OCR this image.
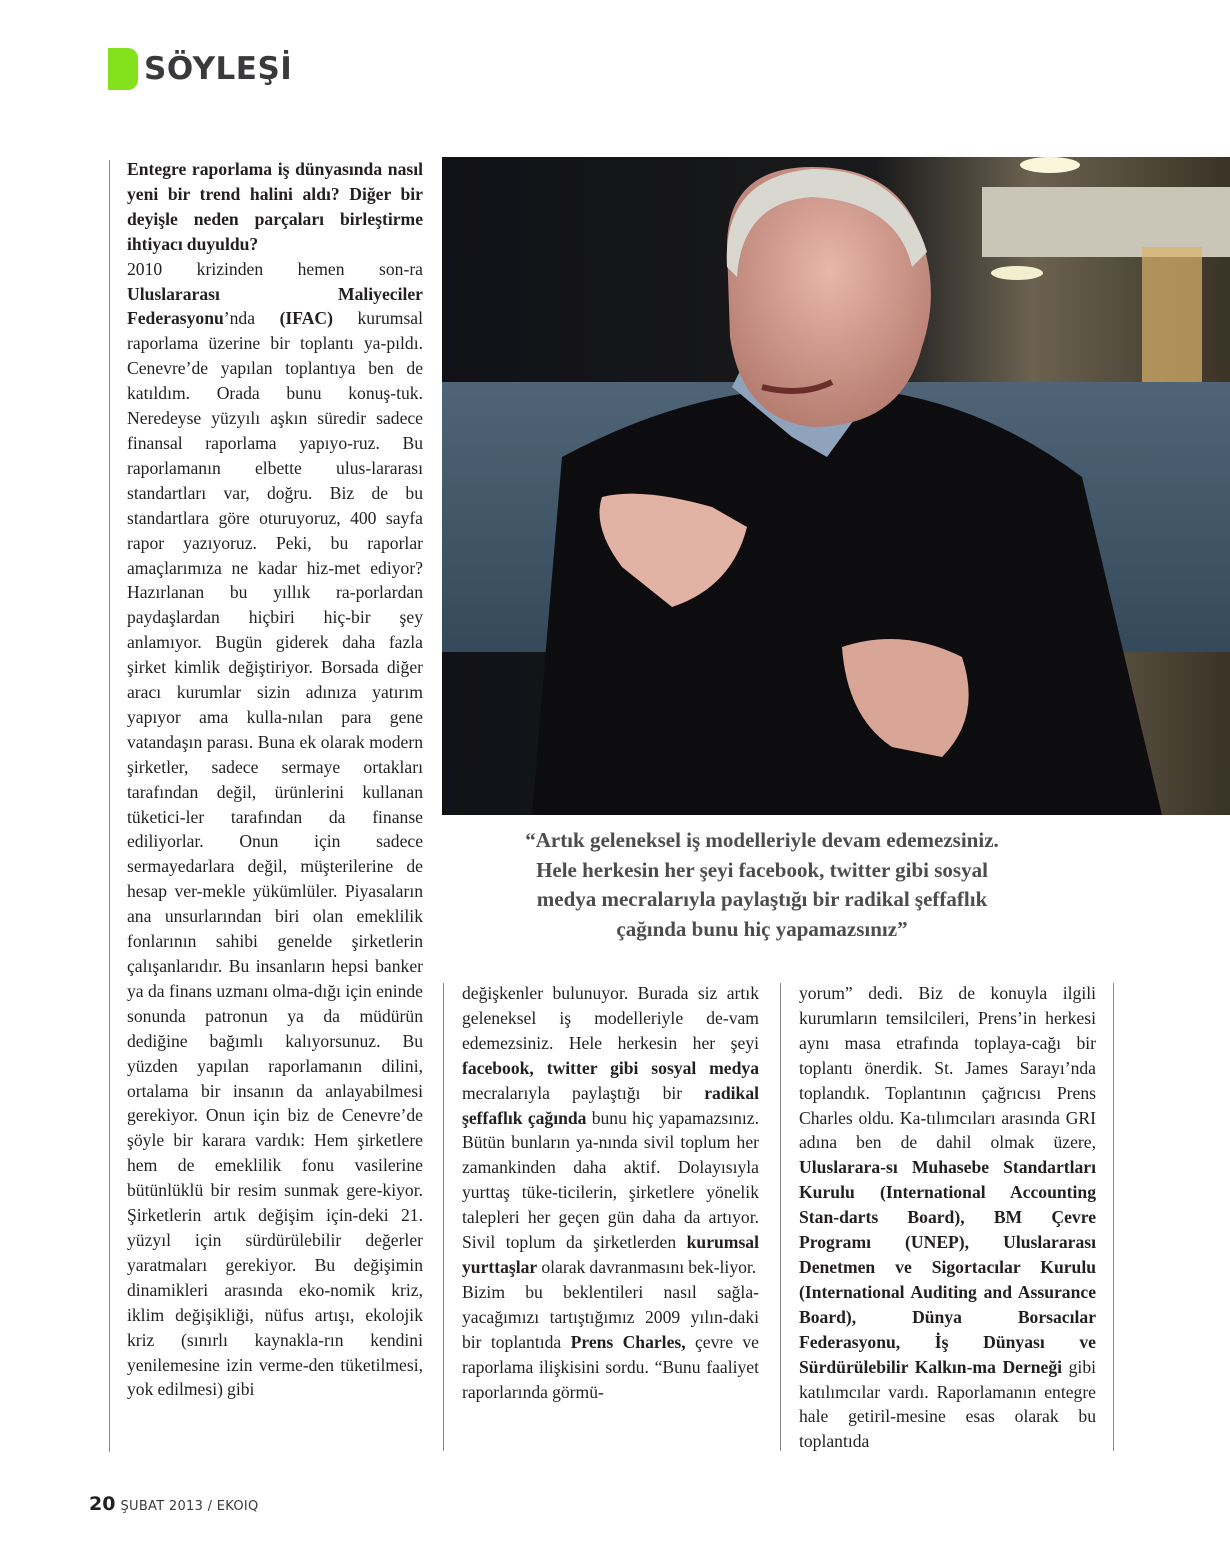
SÖYLEŞİ

Entegre raporlama iş dünyasında nasıl yeni bir trend halini aldı? Diğer bir deyişle neden parçaları birleştirme ihtiyacı duyuldu?

2010 krizinden hemen son-ra Uluslararası Maliyeciler Federasyonu’nda (IFAC) kurumsal raporlama üzerine bir toplantı ya-pıldı. Cenevre’de yapılan toplantıya ben de katıldım. Orada bunu konuş-tuk. Neredeyse yüzyılı aşkın süredir sadece finansal raporlama yapıyo-ruz. Bu raporlamanın elbette ulus-lararası standartları var, doğru. Biz de bu standartlara göre oturuyoruz, 400 sayfa rapor yazıyoruz. Peki, bu raporlar amaçlarımıza ne kadar hiz-met ediyor? Hazırlanan bu yıllık ra-porlardan paydaşlardan hiçbiri hiç-bir şey anlamıyor. Bugün giderek daha fazla şirket kimlik değiştiriyor. Borsada diğer aracı kurumlar sizin adınıza yatırım yapıyor ama kulla-nılan para gene vatandaşın parası. Buna ek olarak modern şirketler, sadece sermaye ortakları tarafından değil, ürünlerini kullanan tüketici-ler tarafından da finanse ediliyorlar. Onun için sadece sermayedarlara değil, müşterilerine de hesap ver-mekle yükümlüler. Piyasaların ana unsurlarından biri olan emeklilik fonlarının sahibi genelde şirketlerin çalışanlarıdır. Bu insanların hepsi banker ya da finans uzmanı olma-dığı için eninde sonunda patronun ya da müdürün dediğine bağımlı kalıyorsunuz. Bu yüzden yapılan raporlamanın dilini, ortalama bir insanın da anlayabilmesi gerekiyor. Onun için biz de Cenevre’de şöyle bir karara vardık: Hem şirketlere hem de emeklilik fonu vasilerine bütünlüklü bir resim sunmak gere-kiyor. Şirketlerin artık değişim için-deki 21. yüzyıl için sürdürülebilir değerler yaratmaları gerekiyor. Bu değişimin dinamikleri arasında eko-nomik kriz, iklim değişikliği, nüfus artışı, ekolojik kriz (sınırlı kaynakla-rın kendini yenilemesine izin verme-den tüketilmesi, yok edilmesi) gibi

“Artık geleneksel iş modelleriyle devam edemezsiniz.
Hele herkesin her şeyi facebook, twitter gibi sosyal
medya mecralarıyla paylaştığı bir radikal şeffaflık
çağında bunu hiç yapamazsınız”

değişkenler bulunuyor. Burada siz artık geleneksel iş modelleriyle de-vam edemezsiniz. Hele herkesin her şeyi facebook, twitter gibi sosyal medya mecralarıyla paylaştığı bir radikal şeffaflık çağında bunu hiç yapamazsınız. Bütün bunların ya-nında sivil toplum her zamankinden daha aktif. Dolayısıyla yurttaş tüke-ticilerin, şirketlere yönelik talepleri her geçen gün daha da artıyor. Sivil toplum da şirketlerden kurumsal yurttaşlar olarak davranmasını bek-liyor.

Bizim bu beklentileri nasıl sağla-yacağımızı tartıştığımız 2009 yılın-daki bir toplantıda Prens Charles, çevre ve raporlama ilişkisini sordu. “Bunu faaliyet raporlarında görmü-

yorum” dedi. Biz de konuyla ilgili kurumların temsilcileri, Prens’in herkesi aynı masa etrafında toplaya-cağı bir toplantı önerdik. St. James Sarayı’nda toplandık. Toplantının çağrıcısı Prens Charles oldu. Ka-tılımcıları arasında GRI adına ben de dahil olmak üzere, Uluslarara-sı Muhasebe Standartları Kurulu (International Accounting Stan-darts Board), BM Çevre Programı (UNEP), Uluslararası Denetmen ve Sigortacılar Kurulu (International Auditing and Assurance Board), Dünya Borsacılar Federasyonu, İş Dünyası ve Sürdürülebilir Kalkın-ma Derneği gibi katılımcılar vardı. Raporlamanın entegre hale getiril-mesine esas olarak bu toplantıda

20 ŞUBAT 2013 / EKOIQ
